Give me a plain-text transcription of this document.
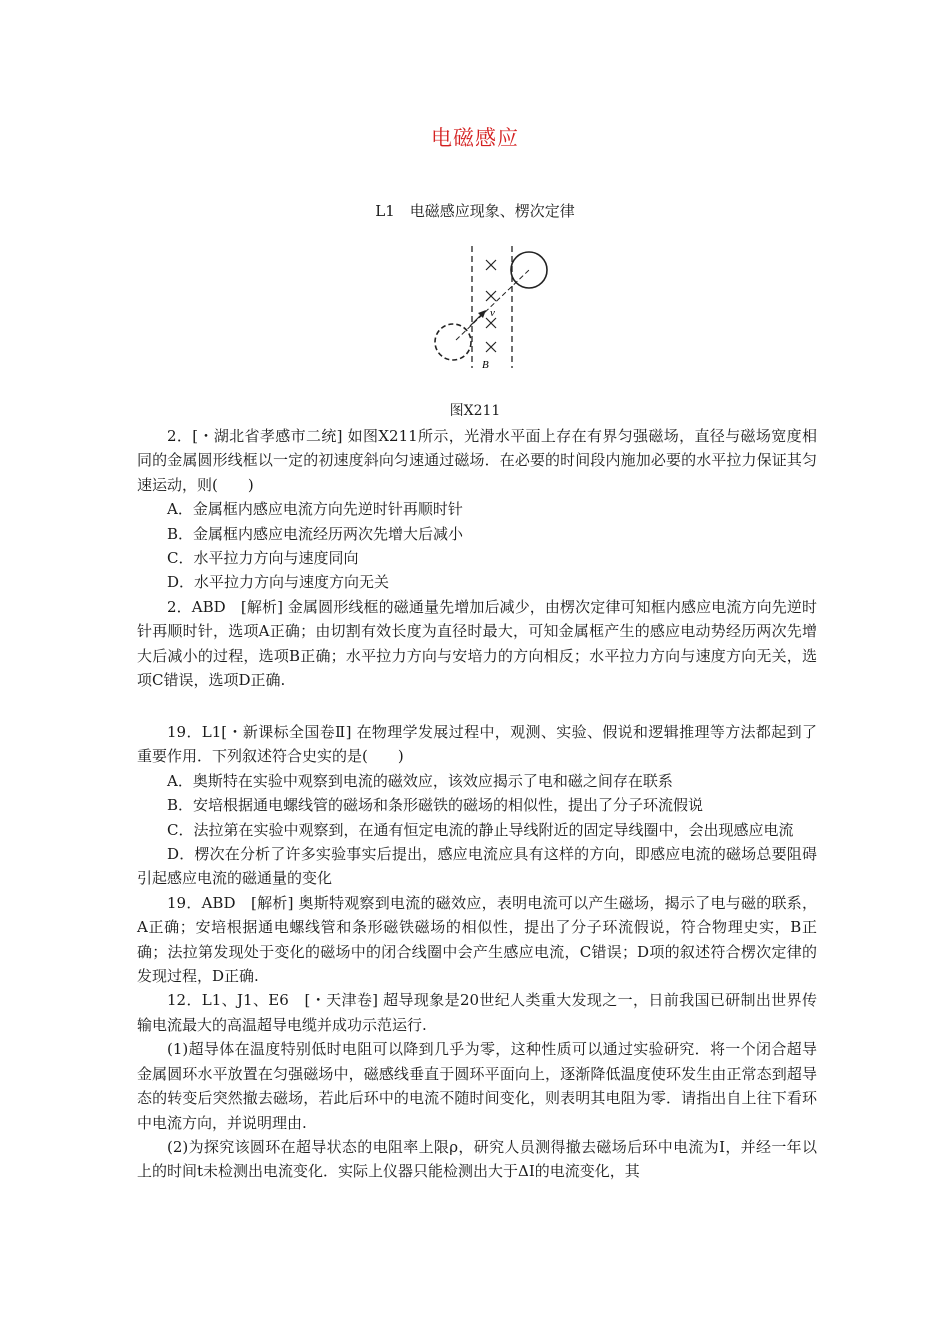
电磁感应
L1　电磁感应现象、楞次定律
v
B
图X211

2．[・湖北省孝感市二统] 如图X211所示，光滑水平面上存在有界匀强磁场，直径与磁场宽度相同的金属圆形线框以一定的初速度斜向匀速通过磁场．在必要的时间段内施加必要的水平拉力保证其匀速运动，则(　　)

A．金属框内感应电流方向先逆时针再顺时针

B．金属框内感应电流经历两次先增大后减小

C．水平拉力方向与速度同向

D．水平拉力方向与速度方向无关

2．ABD　[解析] 金属圆形线框的磁通量先增加后减少，由楞次定律可知框内感应电流方向先逆时针再顺时针，选项A正确；由切割有效长度为直径时最大，可知金属框产生的感应电动势经历两次先增大后减小的过程，选项B正确；水平拉力方向与安培力的方向相反；水平拉力方向与速度方向无关，选项C错误，选项D正确.

19．L1[・新课标全国卷Ⅱ] 在物理学发展过程中，观测、实验、假说和逻辑推理等方法都起到了重要作用．下列叙述符合史实的是(　　)

A．奥斯特在实验中观察到电流的磁效应，该效应揭示了电和磁之间存在联系

B．安培根据通电螺线管的磁场和条形磁铁的磁场的相似性，提出了分子环流假说

C．法拉第在实验中观察到，在通有恒定电流的静止导线附近的固定导线圈中，会出现感应电流

D．楞次在分析了许多实验事实后提出，感应电流应具有这样的方向，即感应电流的磁场总要阻碍引起感应电流的磁通量的变化

19．ABD　[解析] 奥斯特观察到电流的磁效应，表明电流可以产生磁场，揭示了电与磁的联系，A正确；安培根据通电螺线管和条形磁铁磁场的相似性，提出了分子环流假说，符合物理史实，B正确；法拉第发现处于变化的磁场中的闭合线圈中会产生感应电流，C错误；D项的叙述符合楞次定律的发现过程，D正确.

12．L1、J1、E6　[・天津卷] 超导现象是20世纪人类重大发现之一，日前我国已研制出世界传输电流最大的高温超导电缆并成功示范运行.

(1)超导体在温度特别低时电阻可以降到几乎为零，这种性质可以通过实验研究．将一个闭合超导金属圆环水平放置在匀强磁场中，磁感线垂直于圆环平面向上，逐渐降低温度使环发生由正常态到超导态的转变后突然撤去磁场，若此后环中的电流不随时间变化，则表明其电阻为零．请指出自上往下看环中电流方向，并说明理由.

(2)为探究该圆环在超导状态的电阻率上限ρ，研究人员测得撤去磁场后环中电流为I，并经一年以上的时间t未检测出电流变化．实际上仪器只能检测出大于ΔI的电流变化，其
